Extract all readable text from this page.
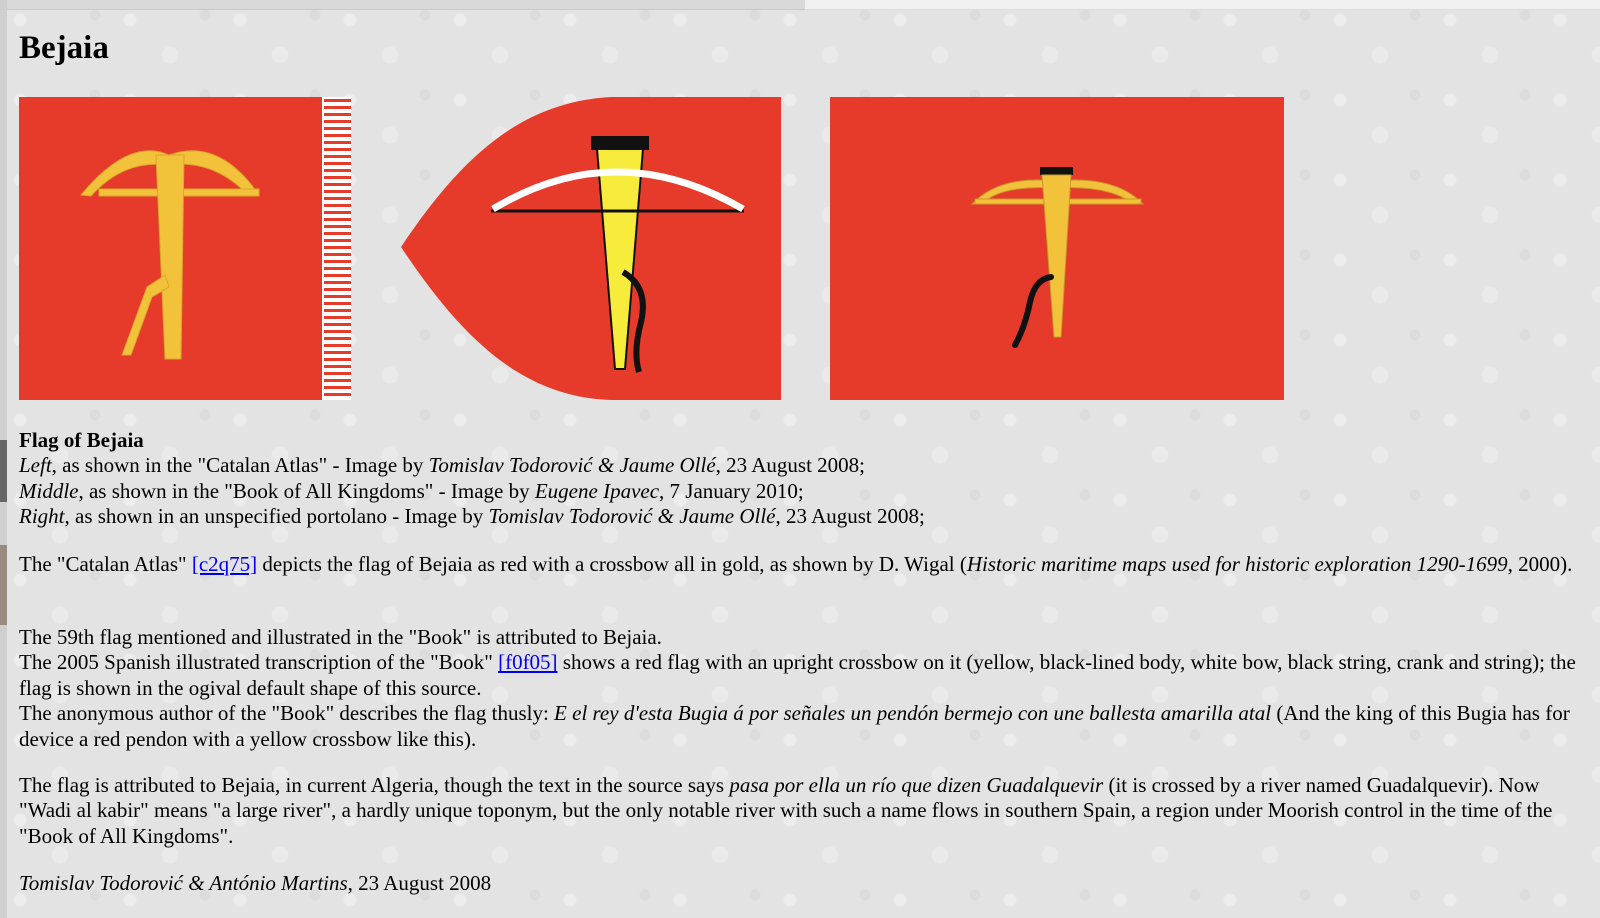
Bejaia
Flag of Bejaia
Left, as shown in the "Catalan Atlas" - Image by Tomislav Todorović & Jaume Ollé, 23 August 2008;
Middle, as shown in the "Book of All Kingdoms" - Image by Eugene Ipavec, 7 January 2010;
Right, as shown in an unspecified portolano - Image by Tomislav Todorović & Jaume Ollé, 23 August 2008;
The "Catalan Atlas" [c2q75] depicts the flag of Bejaia as red with a crossbow all in gold, as shown by D. Wigal (Historic maritime maps used for historic exploration 1290-1699, 2000).
The 59th flag mentioned and illustrated in the "Book" is attributed to Bejaia.
The 2005 Spanish illustrated transcription of the "Book" [f0f05] shows a red flag with an upright crossbow on it (yellow, black-lined body, white bow, black string, crank and string); the flag is shown in the ogival default shape of this source.
The anonymous author of the "Book" describes the flag thusly: E el rey d'esta Bugia á por señales un pendón bermejo con une ballesta amarilla atal (And the king of this Bugia has for device a red pendon with a yellow crossbow like this).
The flag is attributed to Bejaia, in current Algeria, though the text in the source says pasa por ella un río que dizen Guadalquevir (it is crossed by a river named Guadalquevir). Now "Wadi al kabir" means "a large river", a hardly unique toponym, but the only notable river with such a name flows in southern Spain, a region under Moorish control in the time of the "Book of All Kingdoms".
Tomislav Todorović & António Martins, 23 August 2008
